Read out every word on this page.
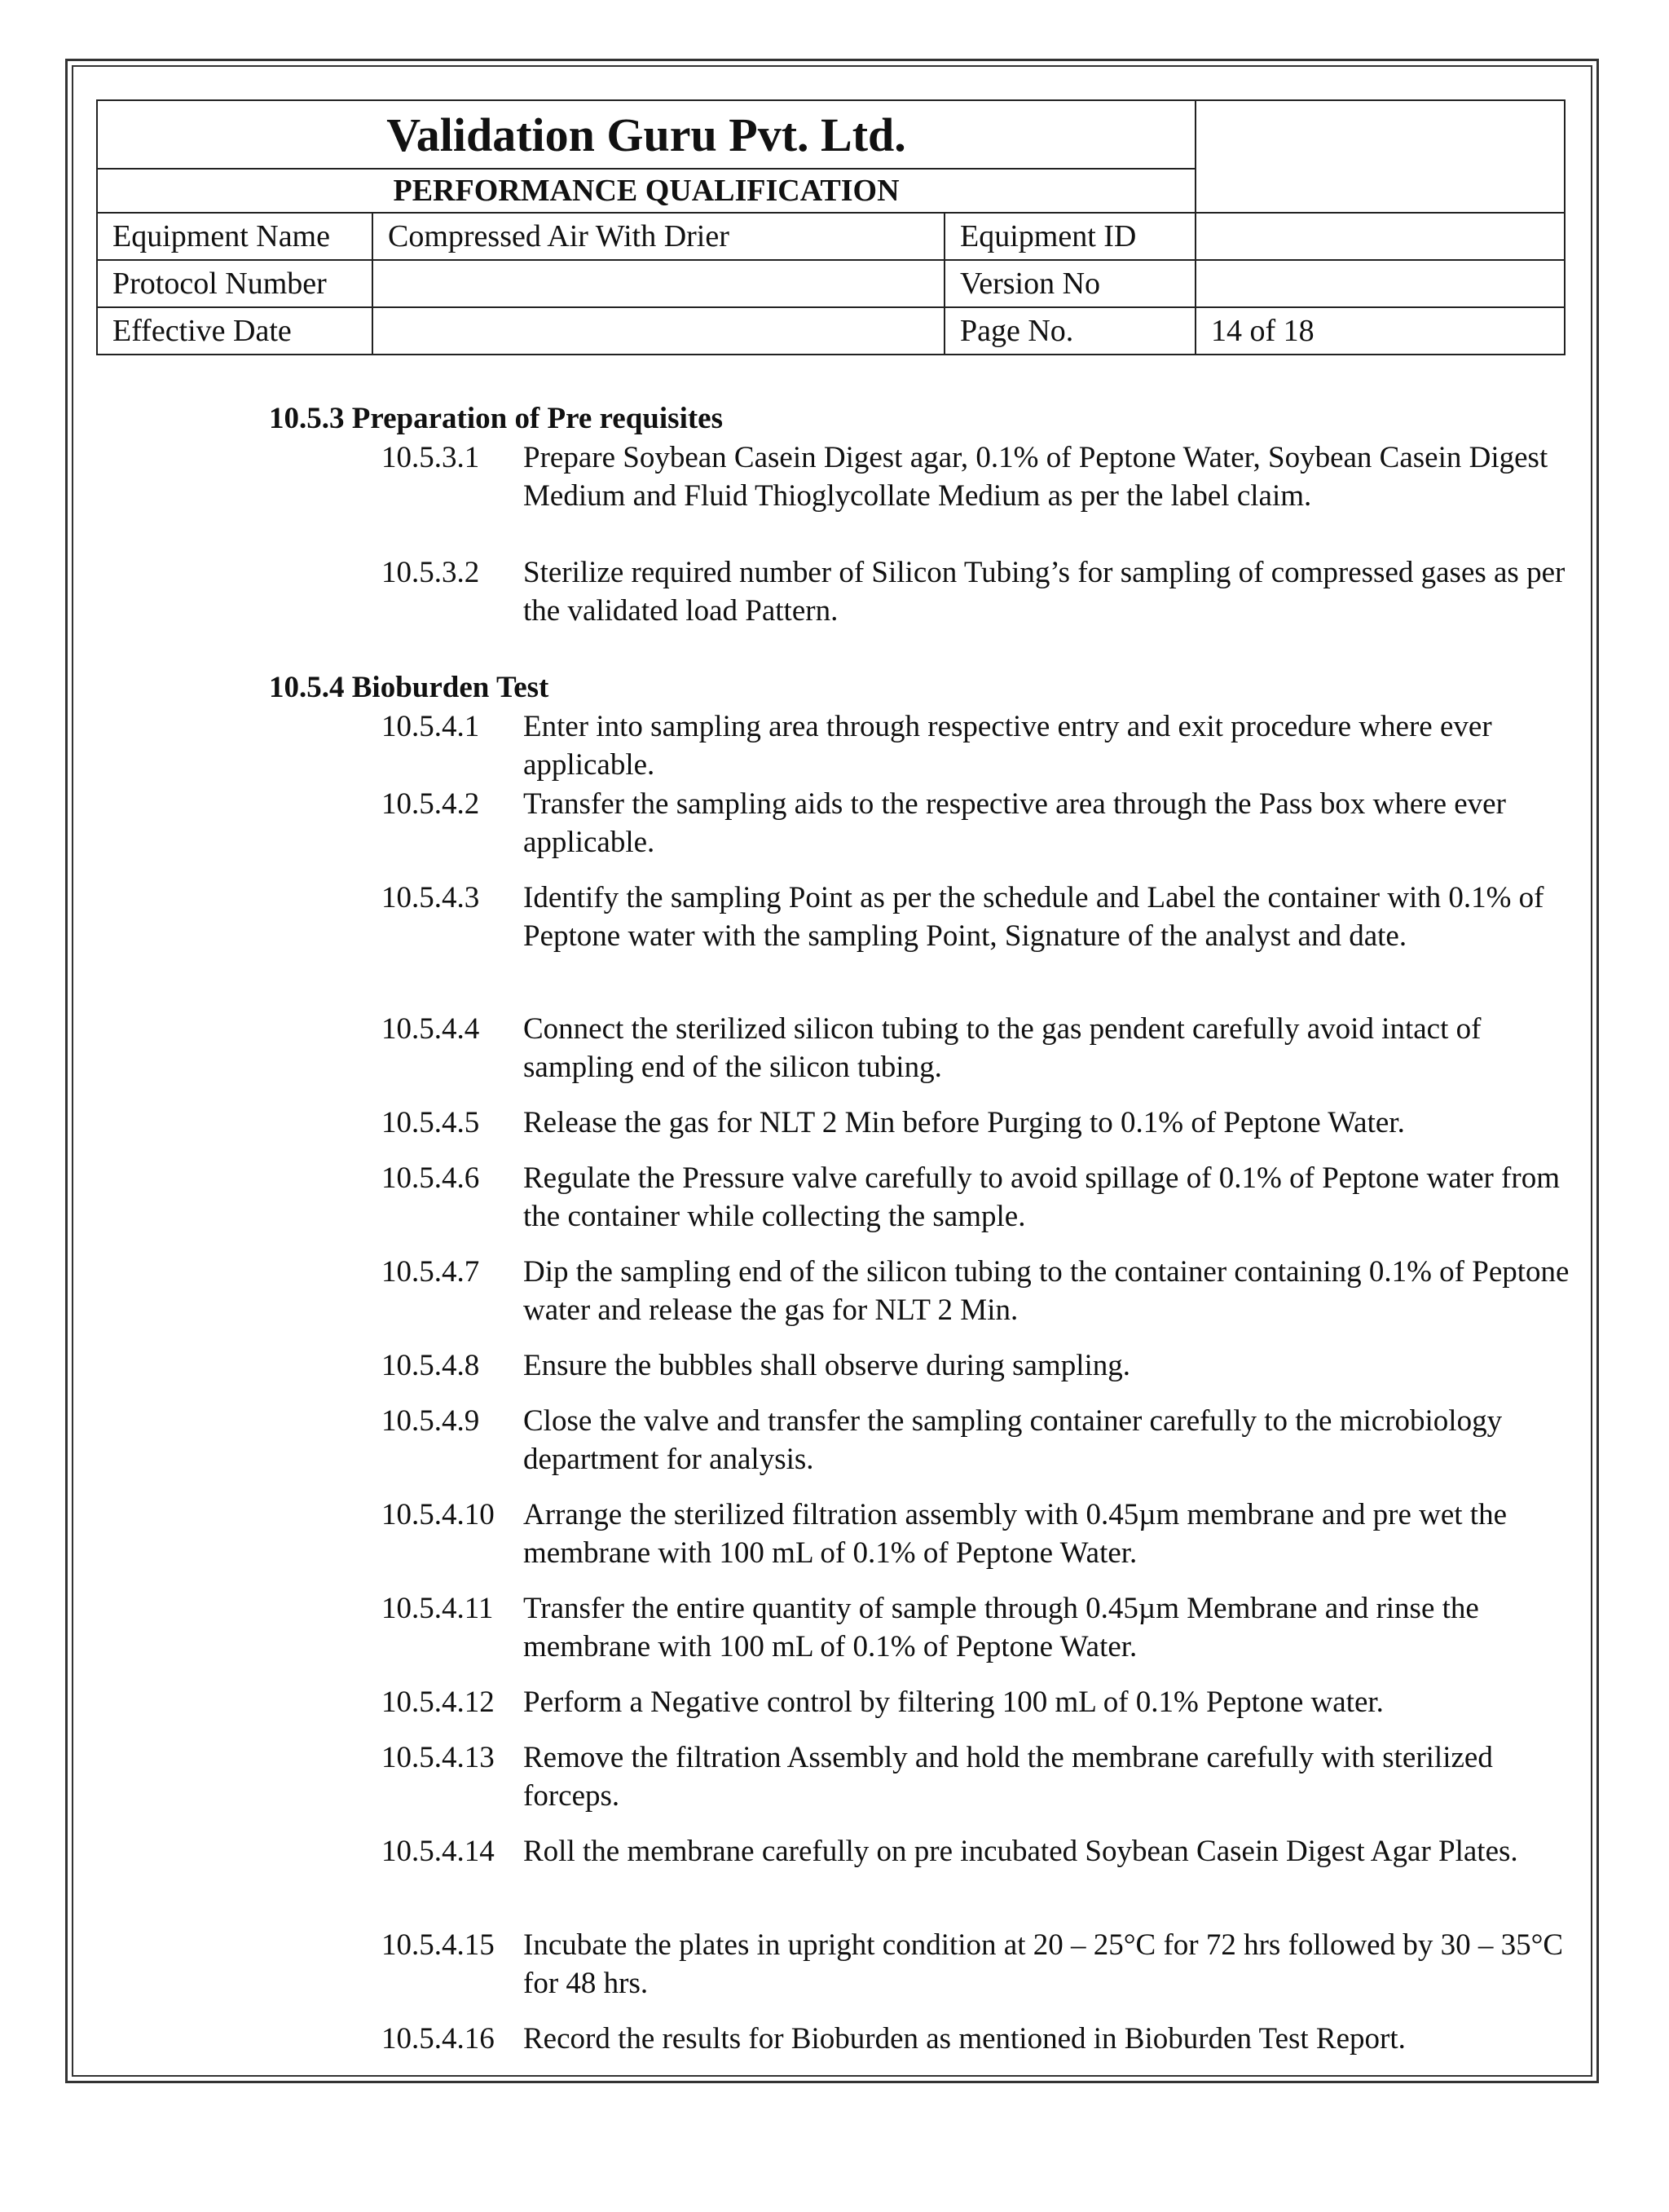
Validation Guru Pvt. Ltd.			
PERFORMANCE QUALIFICATION			
Equipment Name	Compressed Air With Drier	Equipment ID	
Protocol Number		Version No	
Effective Date		Page No.	14 of 18
10.5.3 Preparation of Pre requisites
10.5.3.1 Prepare Soybean Casein Digest agar, 0.1% of Peptone Water, Soybean Casein Digest Medium and Fluid Thioglycollate Medium as per the label claim.
10.5.3.2 Sterilize required number of Silicon Tubing’s for sampling of compressed gases as per the validated load Pattern.
10.5.4 Bioburden Test
10.5.4.1 Enter into sampling area through respective entry and exit procedure where ever applicable.
10.5.4.2 Transfer the sampling aids to the respective area through the Pass box where ever applicable.
10.5.4.3 Identify the sampling Point as per the schedule and Label the container with 0.1% of Peptone water with the sampling Point, Signature of the analyst and date.
10.5.4.4 Connect the sterilized silicon tubing to the gas pendent carefully avoid intact of sampling end of the silicon tubing.
10.5.4.5 Release the gas for NLT 2 Min before Purging to 0.1% of Peptone Water.
10.5.4.6 Regulate the Pressure valve carefully to avoid spillage of 0.1% of Peptone water from the container while collecting the sample.
10.5.4.7 Dip the sampling end of the silicon tubing to the container containing 0.1% of Peptone water and release the gas for NLT 2 Min.
10.5.4.8 Ensure the bubbles shall observe during sampling.
10.5.4.9 Close the valve and transfer the sampling container carefully to the microbiology department for analysis.
10.5.4.10 Arrange the sterilized filtration assembly with 0.45µm membrane and pre wet the membrane with 100 mL of 0.1% of Peptone Water.
10.5.4.11 Transfer the entire quantity of sample through 0.45µm Membrane and rinse the membrane with 100 mL of 0.1% of Peptone Water.
10.5.4.12 Perform a Negative control by filtering 100 mL of 0.1% Peptone water.
10.5.4.13 Remove the filtration Assembly and hold the membrane carefully with sterilized forceps.
10.5.4.14 Roll the membrane carefully on pre incubated Soybean Casein Digest Agar Plates.
10.5.4.15 Incubate the plates in upright condition at 20 – 25°C for 72 hrs followed by 30 – 35°C for 48 hrs.
10.5.4.16 Record the results for Bioburden as mentioned in Bioburden Test Report.
